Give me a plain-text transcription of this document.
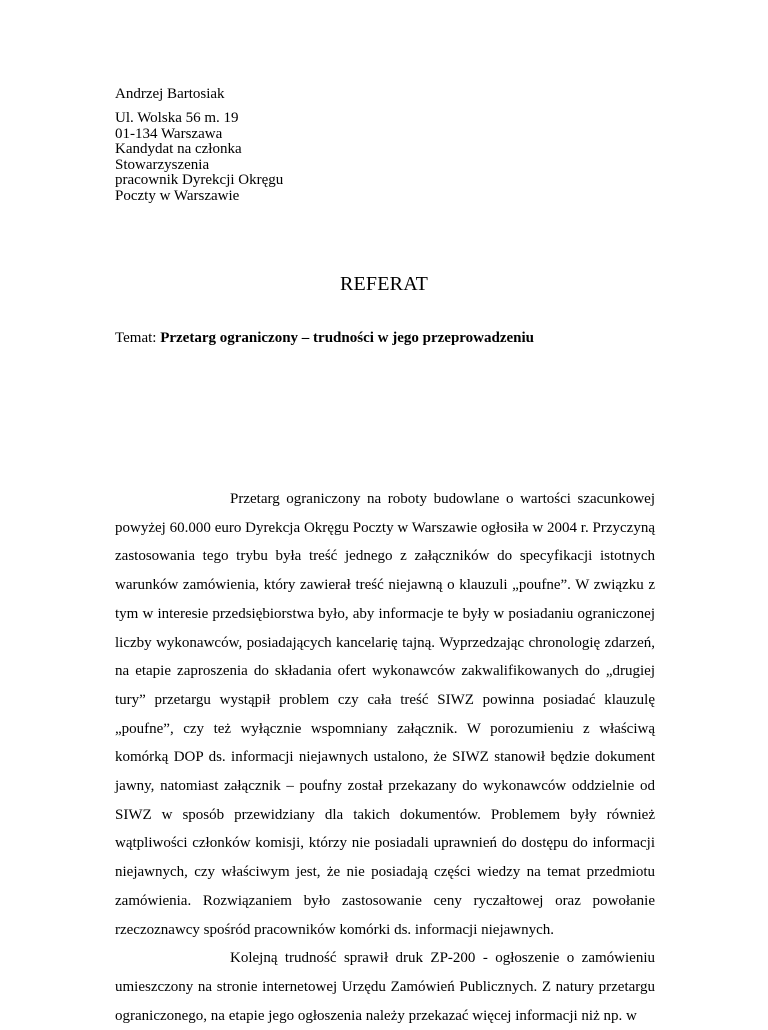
Andrzej Bartosiak

Ul. Wolska 56 m. 19
01-134 Warszawa
Kandydat na członka
Stowarzyszenia
pracownik Dyrekcji Okręgu
Poczty w Warszawie
REFERAT

Temat: Przetarg ograniczony – trudności w jego przeprowadzeniu

Przetarg ograniczony na roboty budowlane o wartości szacunkowej powyżej 60.000 euro Dyrekcja Okręgu Poczty w Warszawie ogłosiła w 2004 r. Przyczyną zastosowania tego trybu była treść jednego z załączników do specyfikacji istotnych warunków zamówienia, który zawierał treść niejawną o klauzuli „poufne”. W związku z tym w interesie przedsiębiorstwa było, aby informacje te były w posiadaniu ograniczonej liczby wykonawców, posiadających kancelarię tajną. Wyprzedzając chronologię zdarzeń, na etapie zaproszenia do składania ofert wykonawców zakwalifikowanych do „drugiej tury” przetargu wystąpił problem czy cała treść SIWZ powinna posiadać klauzulę „poufne”, czy też wyłącznie wspomniany załącznik. W porozumieniu z właściwą komórką DOP ds. informacji niejawnych ustalono, że SIWZ stanowił będzie dokument jawny, natomiast załącznik – poufny został przekazany do wykonawców oddzielnie od SIWZ w sposób przewidziany dla takich dokumentów. Problemem były również wątpliwości członków komisji, którzy nie posiadali uprawnień do dostępu do informacji niejawnych, czy właściwym jest, że nie posiadają części wiedzy na temat przedmiotu zamówienia. Rozwiązaniem było zastosowanie ceny ryczałtowej oraz powołanie rzeczoznawcy spośród pracowników komórki ds. informacji niejawnych.

Kolejną trudność sprawił druk ZP-200 - ogłoszenie o zamówieniu umieszczony na stronie internetowej Urzędu Zamówień Publicznych. Z natury przetargu ograniczonego, na etapie jego ogłoszenia należy przekazać więcej informacji niż np. w
